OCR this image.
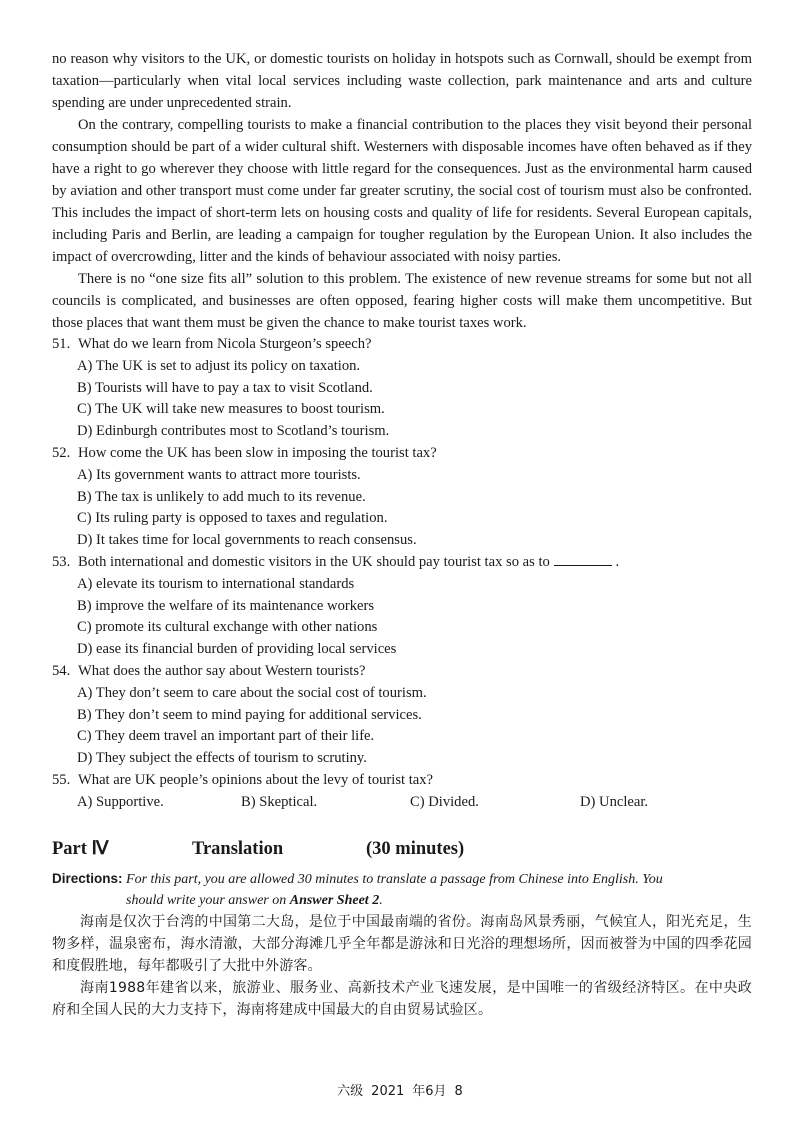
no reason why visitors to the UK, or domestic tourists on holiday in hotspots such as Cornwall, should be exempt from taxation—particularly when vital local services including waste collection, park maintenance and arts and culture spending are under unprecedented strain.

On the contrary, compelling tourists to make a financial contribution to the places they visit beyond their personal consumption should be part of a wider cultural shift. Westerners with disposable incomes have often behaved as if they have a right to go wherever they choose with little regard for the consequences. Just as the environmental harm caused by aviation and other transport must come under far greater scrutiny, the social cost of tourism must also be confronted. This includes the impact of short-term lets on housing costs and quality of life for residents. Several European capitals, including Paris and Berlin, are leading a campaign for tougher regulation by the European Union. It also includes the impact of overcrowding, litter and the kinds of behaviour associated with noisy parties.

There is no “one size fits all” solution to this problem. The existence of new revenue streams for some but not all councils is complicated, and businesses are often opposed, fearing higher costs will make them uncompetitive. But those places that want them must be given the chance to make tourist taxes work.

51. What do we learn from Nicola Sturgeon’s speech?

A) The UK is set to adjust its policy on taxation.

B) Tourists will have to pay a tax to visit Scotland.

C) The UK will take new measures to boost tourism.

D) Edinburgh contributes most to Scotland’s tourism.

52. How come the UK has been slow in imposing the tourist tax?

A) Its government wants to attract more tourists.

B) The tax is unlikely to add much to its revenue.

C) Its ruling party is opposed to taxes and regulation.

D) It takes time for local governments to reach consensus.

53. Both international and domestic visitors in the UK should pay tourist tax so as to	.

A) elevate its tourism to international standards

B) improve the welfare of its maintenance workers

C) promote its cultural exchange with other nations

D) ease its financial burden of providing local services

54. What does the author say about Western tourists?

A) They don’t seem to care about the social cost of tourism.

B) They don’t seem to mind paying for additional services.

C) They deem travel an important part of their life.

D) They subject the effects of tourism to scrutiny.

55. What are UK people’s opinions about the levy of tourist tax?

A) Supportive.	B) Skeptical.	C) Divided.	D) Unclear.
Part Ⅳ	Translation	(30 minutes)
Directions: For this part, you are allowed 30 minutes to translate a passage from Chinese into English. You
should write your answer on Answer Sheet 2.

海南是仅次于台湾的中国第二大岛，是位于中国最南端的省份。海南岛风景秀丽，气候宜人，阳光充足，生物多样，温泉密布，海水清澈，大部分海滩几乎全年都是游泳和日光浴的理想场所，因而被誉为中国的四季花园和度假胜地，每年都吸引了大批中外游客。

海南1988年建省以来，旅游业、服务业、高新技术产业飞速发展，是中国唯一的省级经济特区。在中央政府和全国人民的大力支持下，海南将建成中国最大的自由贸易试验区。

六级 2021 年6月 8
